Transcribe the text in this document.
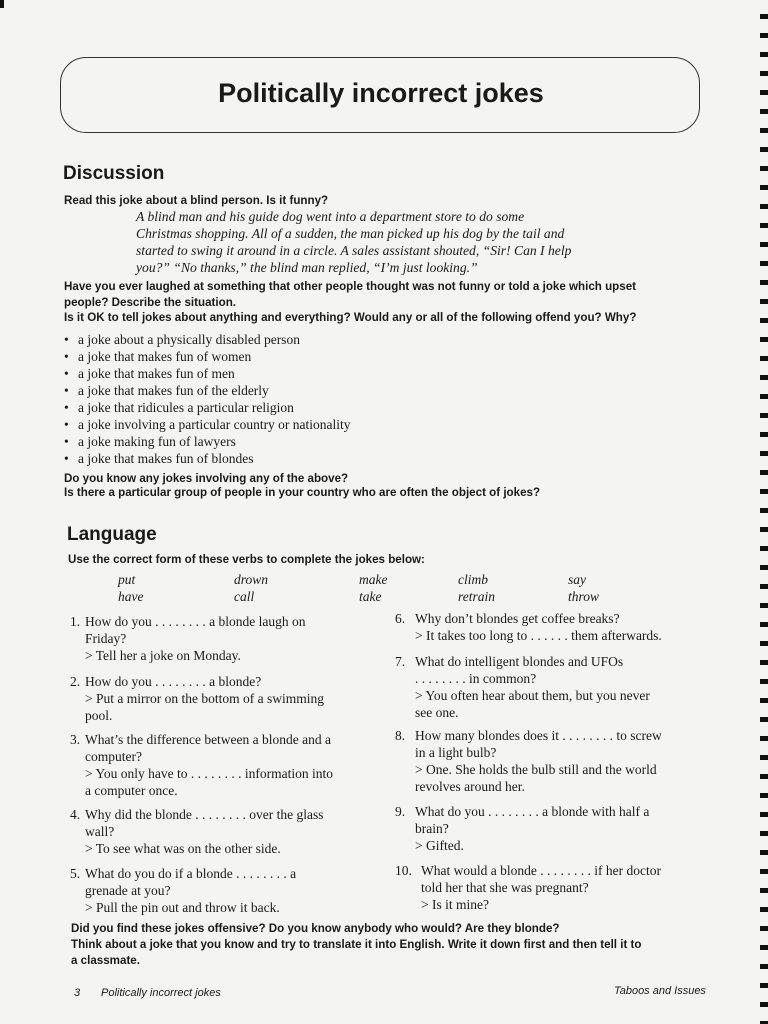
Politically incorrect jokes
Discussion
Read this joke about a blind person. Is it funny?
A blind man and his guide dog went into a department store to do some
Christmas shopping. All of a sudden, the man picked up his dog by the tail and
started to swing it around in a circle. A sales assistant shouted, “Sir! Can I help
you?” “No thanks,” the blind man replied, “I’m just looking.”
Have you ever laughed at something that other people thought was not funny or told a joke which upset
people? Describe the situation.
Is it OK to tell jokes about anything and everything? Would any or all of the following offend you? Why?
• a joke about a physically disabled person
• a joke that makes fun of women
• a joke that makes fun of men
• a joke that makes fun of the elderly
• a joke that ridicules a particular religion
• a joke involving a particular country or nationality
• a joke making fun of lawyers
• a joke that makes fun of blondes
Do you know any jokes involving any of the above?
Is there a particular group of people in your country who are often the object of jokes?
Language
Use the correct form of these verbs to complete the jokes below:
put	drown	make	climb	say
have	call	take	retrain	throw
1. How do you . . . . . . . . a blonde laugh on
Friday?
> Tell her a joke on Monday.
2. How do you . . . . . . . . a blonde?
> Put a mirror on the bottom of a swimming
pool.
3. What’s the difference between a blonde and a
computer?
> You only have to . . . . . . . . information into
a computer once.
4. Why did the blonde . . . . . . . . over the glass
wall?
> To see what was on the other side.
5. What do you do if a blonde . . . . . . . . a
grenade at you?
> Pull the pin out and throw it back.
6. Why don’t blondes get coffee breaks?
> It takes too long to . . . . . . them afterwards.
7. What do intelligent blondes and UFOs
. . . . . . . . in common?
> You often hear about them, but you never
see one.
8. How many blondes does it . . . . . . . . to screw
in a light bulb?
> One. She holds the bulb still and the world
revolves around her.
9. What do you . . . . . . . . a blonde with half a
brain?
> Gifted.
10. What would a blonde . . . . . . . . if her doctor
told her that she was pregnant?
> Is it mine?
Did you find these jokes offensive? Do you know anybody who would? Are they blonde?
Think about a joke that you know and try to translate it into English. Write it down first and then tell it to
a classmate.
3 Politically incorrect jokes	Taboos and Issues
